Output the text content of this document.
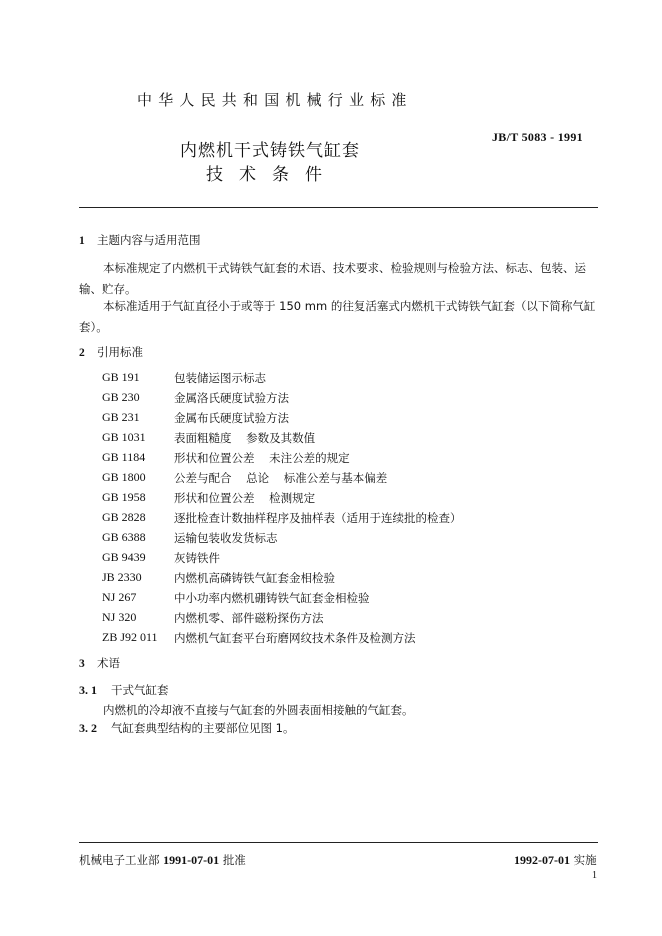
中华人民共和国机械行业标准
JB/T 5083 - 1991
内燃机干式铸铁气缸套
技术条件
1 主题内容与适用范围
本标准规定了内燃机干式铸铁气缸套的术语、技术要求、检验规则与检验方法、标志、包装、运输、贮存。
本标准适用于气缸直径小于或等于 150 mm 的往复活塞式内燃机干式铸铁气缸套（以下简称气缸套）。
2 引用标准
GB 191	包装储运图示标志
GB 230	金属洛氏硬度试验方法
GB 231	金属布氏硬度试验方法
GB 1031 表面粗糙度    参数及其数值
GB 1184	形状和位置公差    未注公差的规定
GB 1800 公差与配合    总论    标准公差与基本偏差
GB 1958 形状和位置公差    检测规定
GB 2828 逐批检查计数抽样程序及抽样表（适用于连续批的检查）
GB 6388 运输包装收发货标志
GB 9439 灰铸铁件
JB 2330	内燃机高磷铸铁气缸套金相检验
NJ 267	中小功率内燃机硼铸铁气缸套金相检验
NJ 320	内燃机零、部件磁粉探伤方法
ZB J92 011 内燃机气缸套平台珩磨网纹技术条件及检测方法
3 术语
3. 1 干式气缸套
内燃机的冷却液不直接与气缸套的外圆表面相接触的气缸套。
3. 2 气缸套典型结构的主要部位见图 1。
机械电子工业部 1991-07-01 批准	1992-07-01 实施
1
